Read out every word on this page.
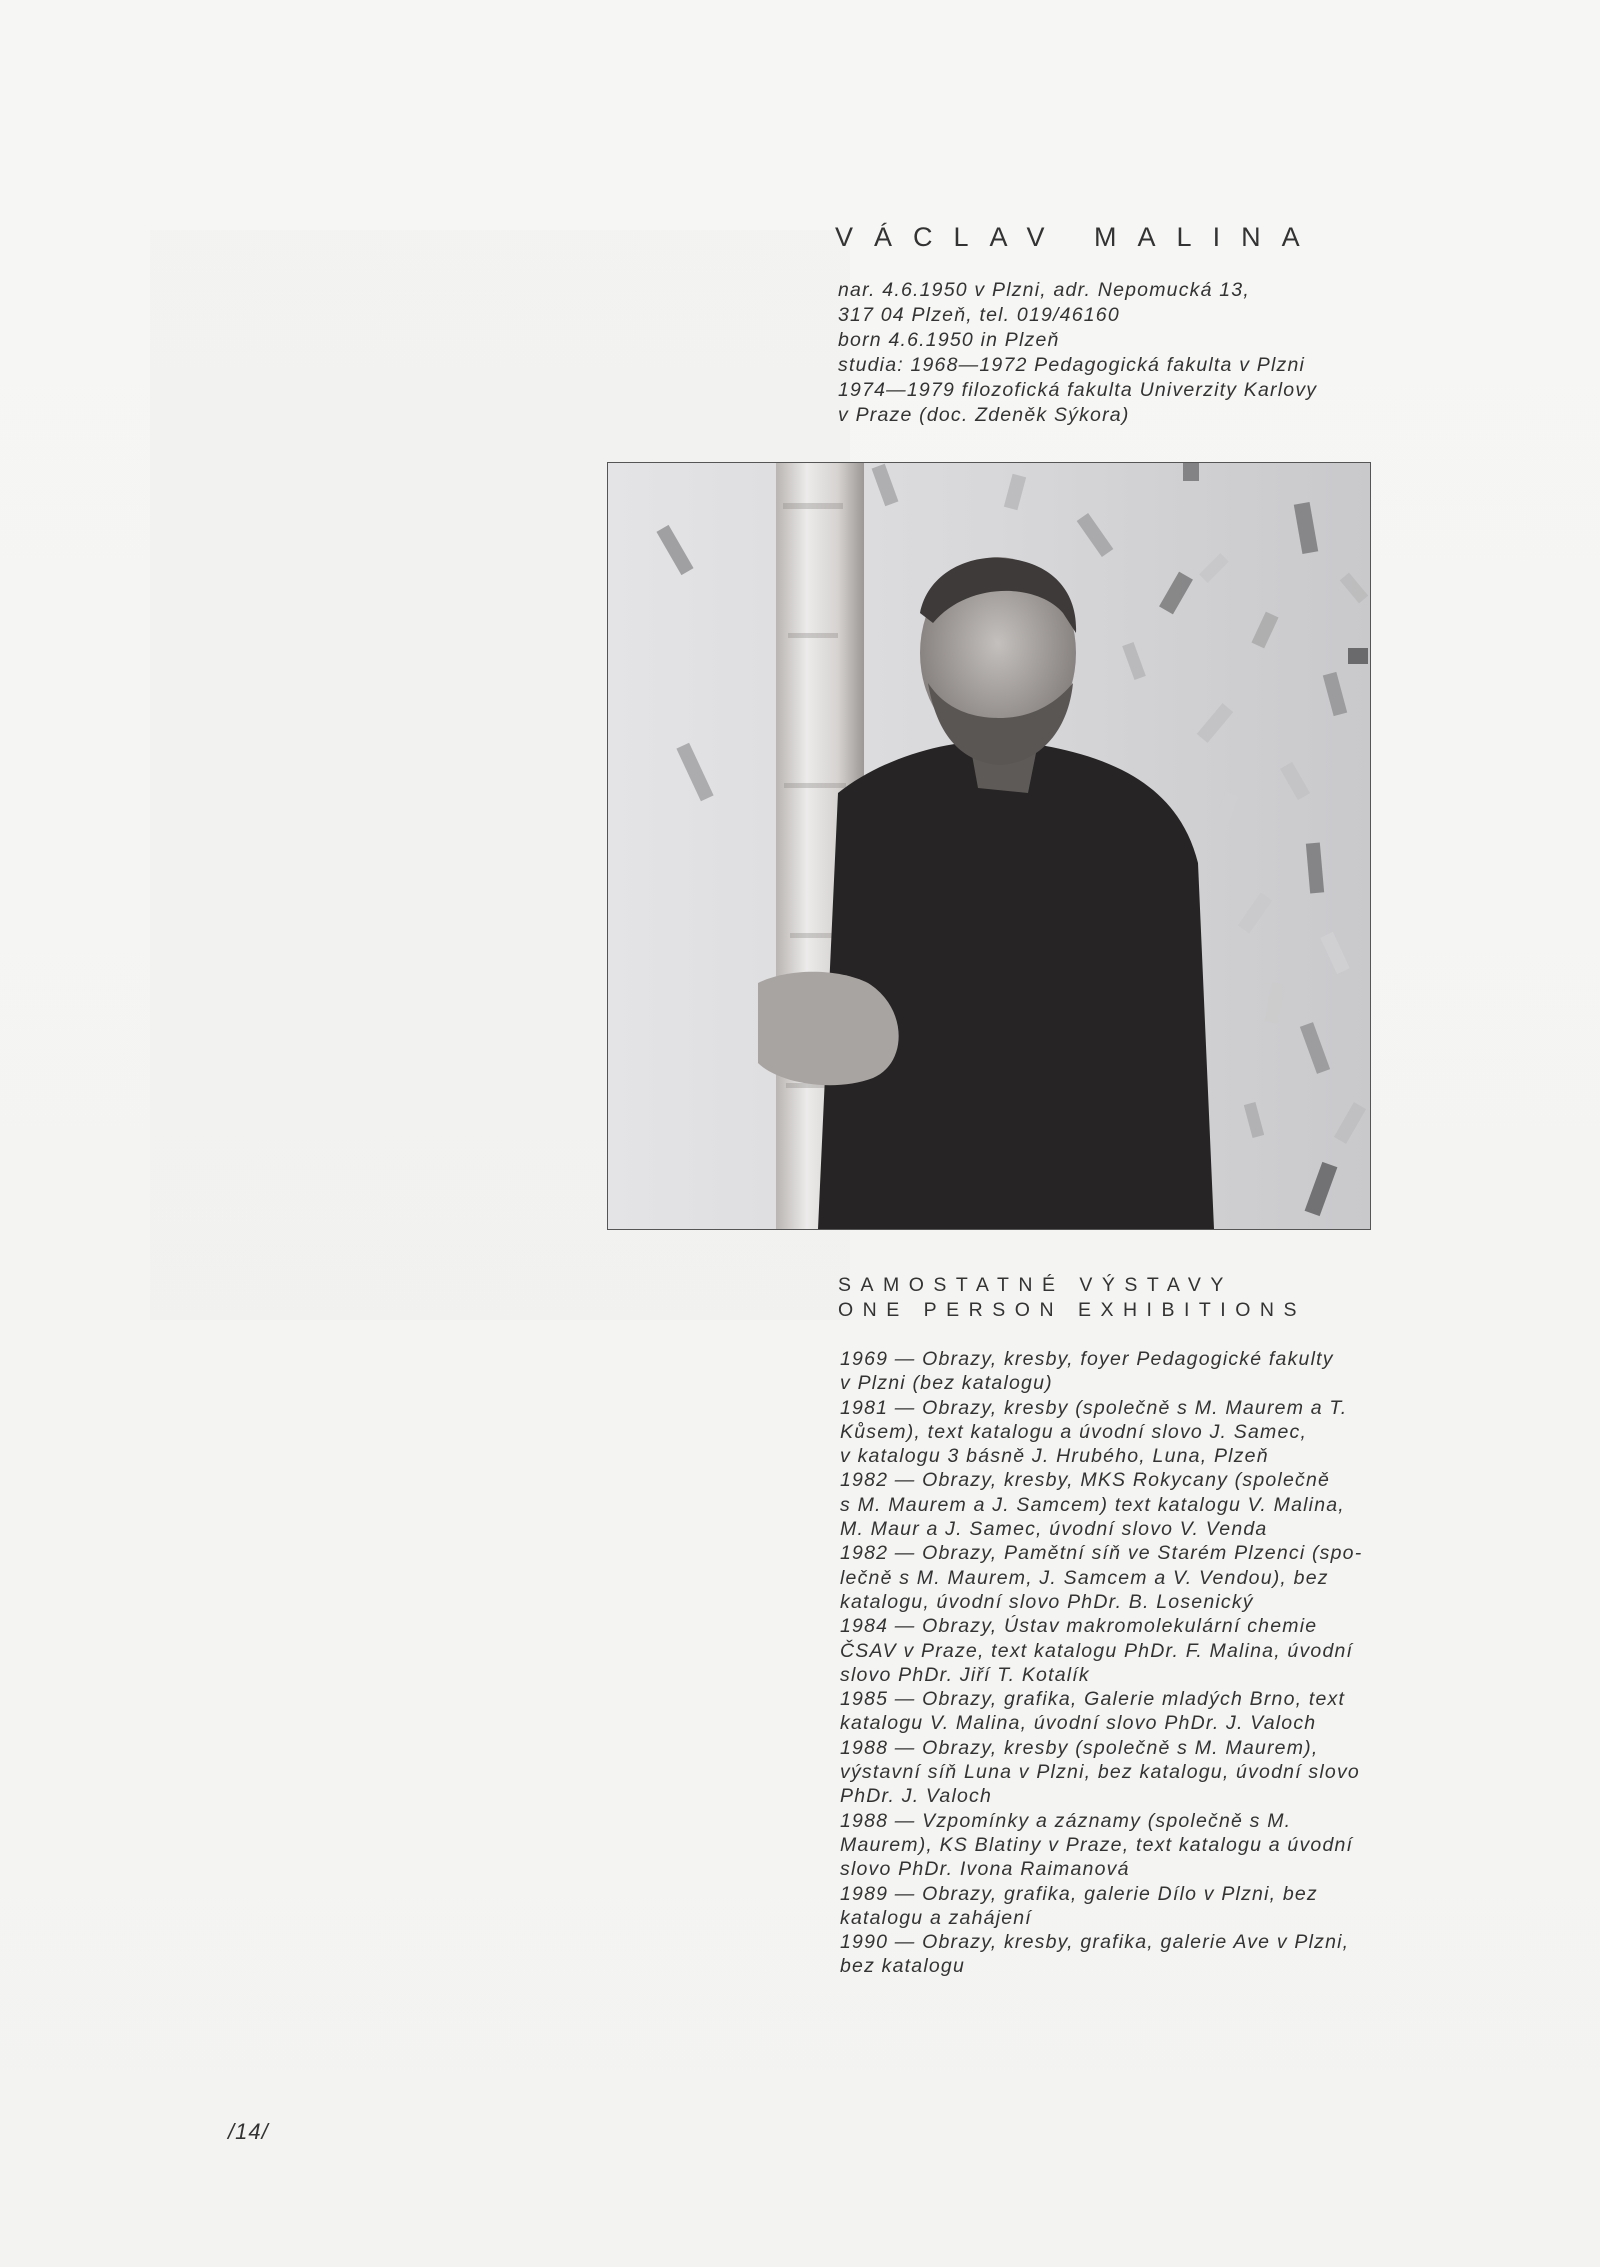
VÁCLAV MALINA
nar. 4.6.1950 v Plzni, adr. Nepomucká 13,
317 04 Plzeň, tel. 019/46160
born 4.6.1950 in Plzeň
studia: 1968—1972 Pedagogická fakulta v Plzni
1974—1979 filozofická fakulta Univerzity Karlovy
v Praze (doc. Zdeněk Sýkora)
SAMOSTATNÉ VÝSTAVY
ONE PERSON EXHIBITIONS
1969 — Obrazy, kresby, foyer Pedagogické fakulty
v Plzni (bez katalogu)
1981 — Obrazy, kresby (společně s M. Maurem a T.
Kůsem), text katalogu a úvodní slovo J. Samec,
v katalogu 3 básně J. Hrubého, Luna, Plzeň
1982 — Obrazy, kresby, MKS Rokycany (společně
s M. Maurem a J. Samcem) text katalogu V. Malina,
M. Maur a J. Samec, úvodní slovo V. Venda
1982 — Obrazy, Pamětní síň ve Starém Plzenci (spo-
lečně s M. Maurem, J. Samcem a V. Vendou), bez
katalogu, úvodní slovo PhDr. B. Losenický
1984 — Obrazy, Ústav makromolekulární chemie
ČSAV v Praze, text katalogu PhDr. F. Malina, úvodní
slovo PhDr. Jiří T. Kotalík
1985 — Obrazy, grafika, Galerie mladých Brno, text
katalogu V. Malina, úvodní slovo PhDr. J. Valoch
1988 — Obrazy, kresby (společně s M. Maurem),
výstavní síň Luna v Plzni, bez katalogu, úvodní slovo
PhDr. J. Valoch
1988 — Vzpomínky a záznamy (společně s M.
Maurem), KS Blatiny v Praze, text katalogu a úvodní
slovo PhDr. Ivona Raimanová
1989 — Obrazy, grafika, galerie Dílo v Plzni, bez
katalogu a zahájení
1990 — Obrazy, kresby, grafika, galerie Ave v Plzni,
bez katalogu
/14/
